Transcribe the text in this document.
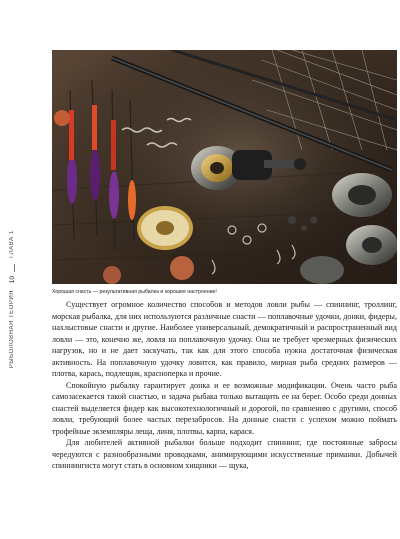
Хорошая снасть — результативная рыбалка и хорошее настроение!
ГЛАВА 1
10
РЫБОЛОВНАЯ ТЕОРИЯ	Существует огромное количество способов и методов ловли рыбы — спиннинг, троллинг, морская рыбалка, для них используются различные снасти — поплавочные удочки, донки, фидеры, нахлыстовые снасти и другие. Наиболее универсальный, демократичный и распространенный вид ловли — это, конечно же, ловля на поплавочную удочку. Она не требует чрезмерных физических нагрузок, но и не дает заскучать, так как для этого способа нужна достаточная физическая активность. На поплавочную удочку ловится, как правило, мирная рыба средних размеров — плотва, карась, подлещик, красноперка и прочие.

Спокойную рыбалку гарантирует донка и ее возможные модификации. Очень часто рыба самозасекается такой снастью, и задача рыбака только вытащить ее на берег. Особо среди донных снастей выделяется фидер как высокотехнологичный и дорогой, по сравнению с другими, способ ловли, требующий более частых перезабросов. На донные снасти с успехом можно поймать трофейные экземпляры леща, линя, плотвы, карпа, карася.

Для любителей активной рыбалки больше подходит спиннинг, где постоянные забросы чередуются с разнообразными проводками, анимирующими искусственные приманки. Добычей спиннингиста могут стать в основном хищники — щука,
